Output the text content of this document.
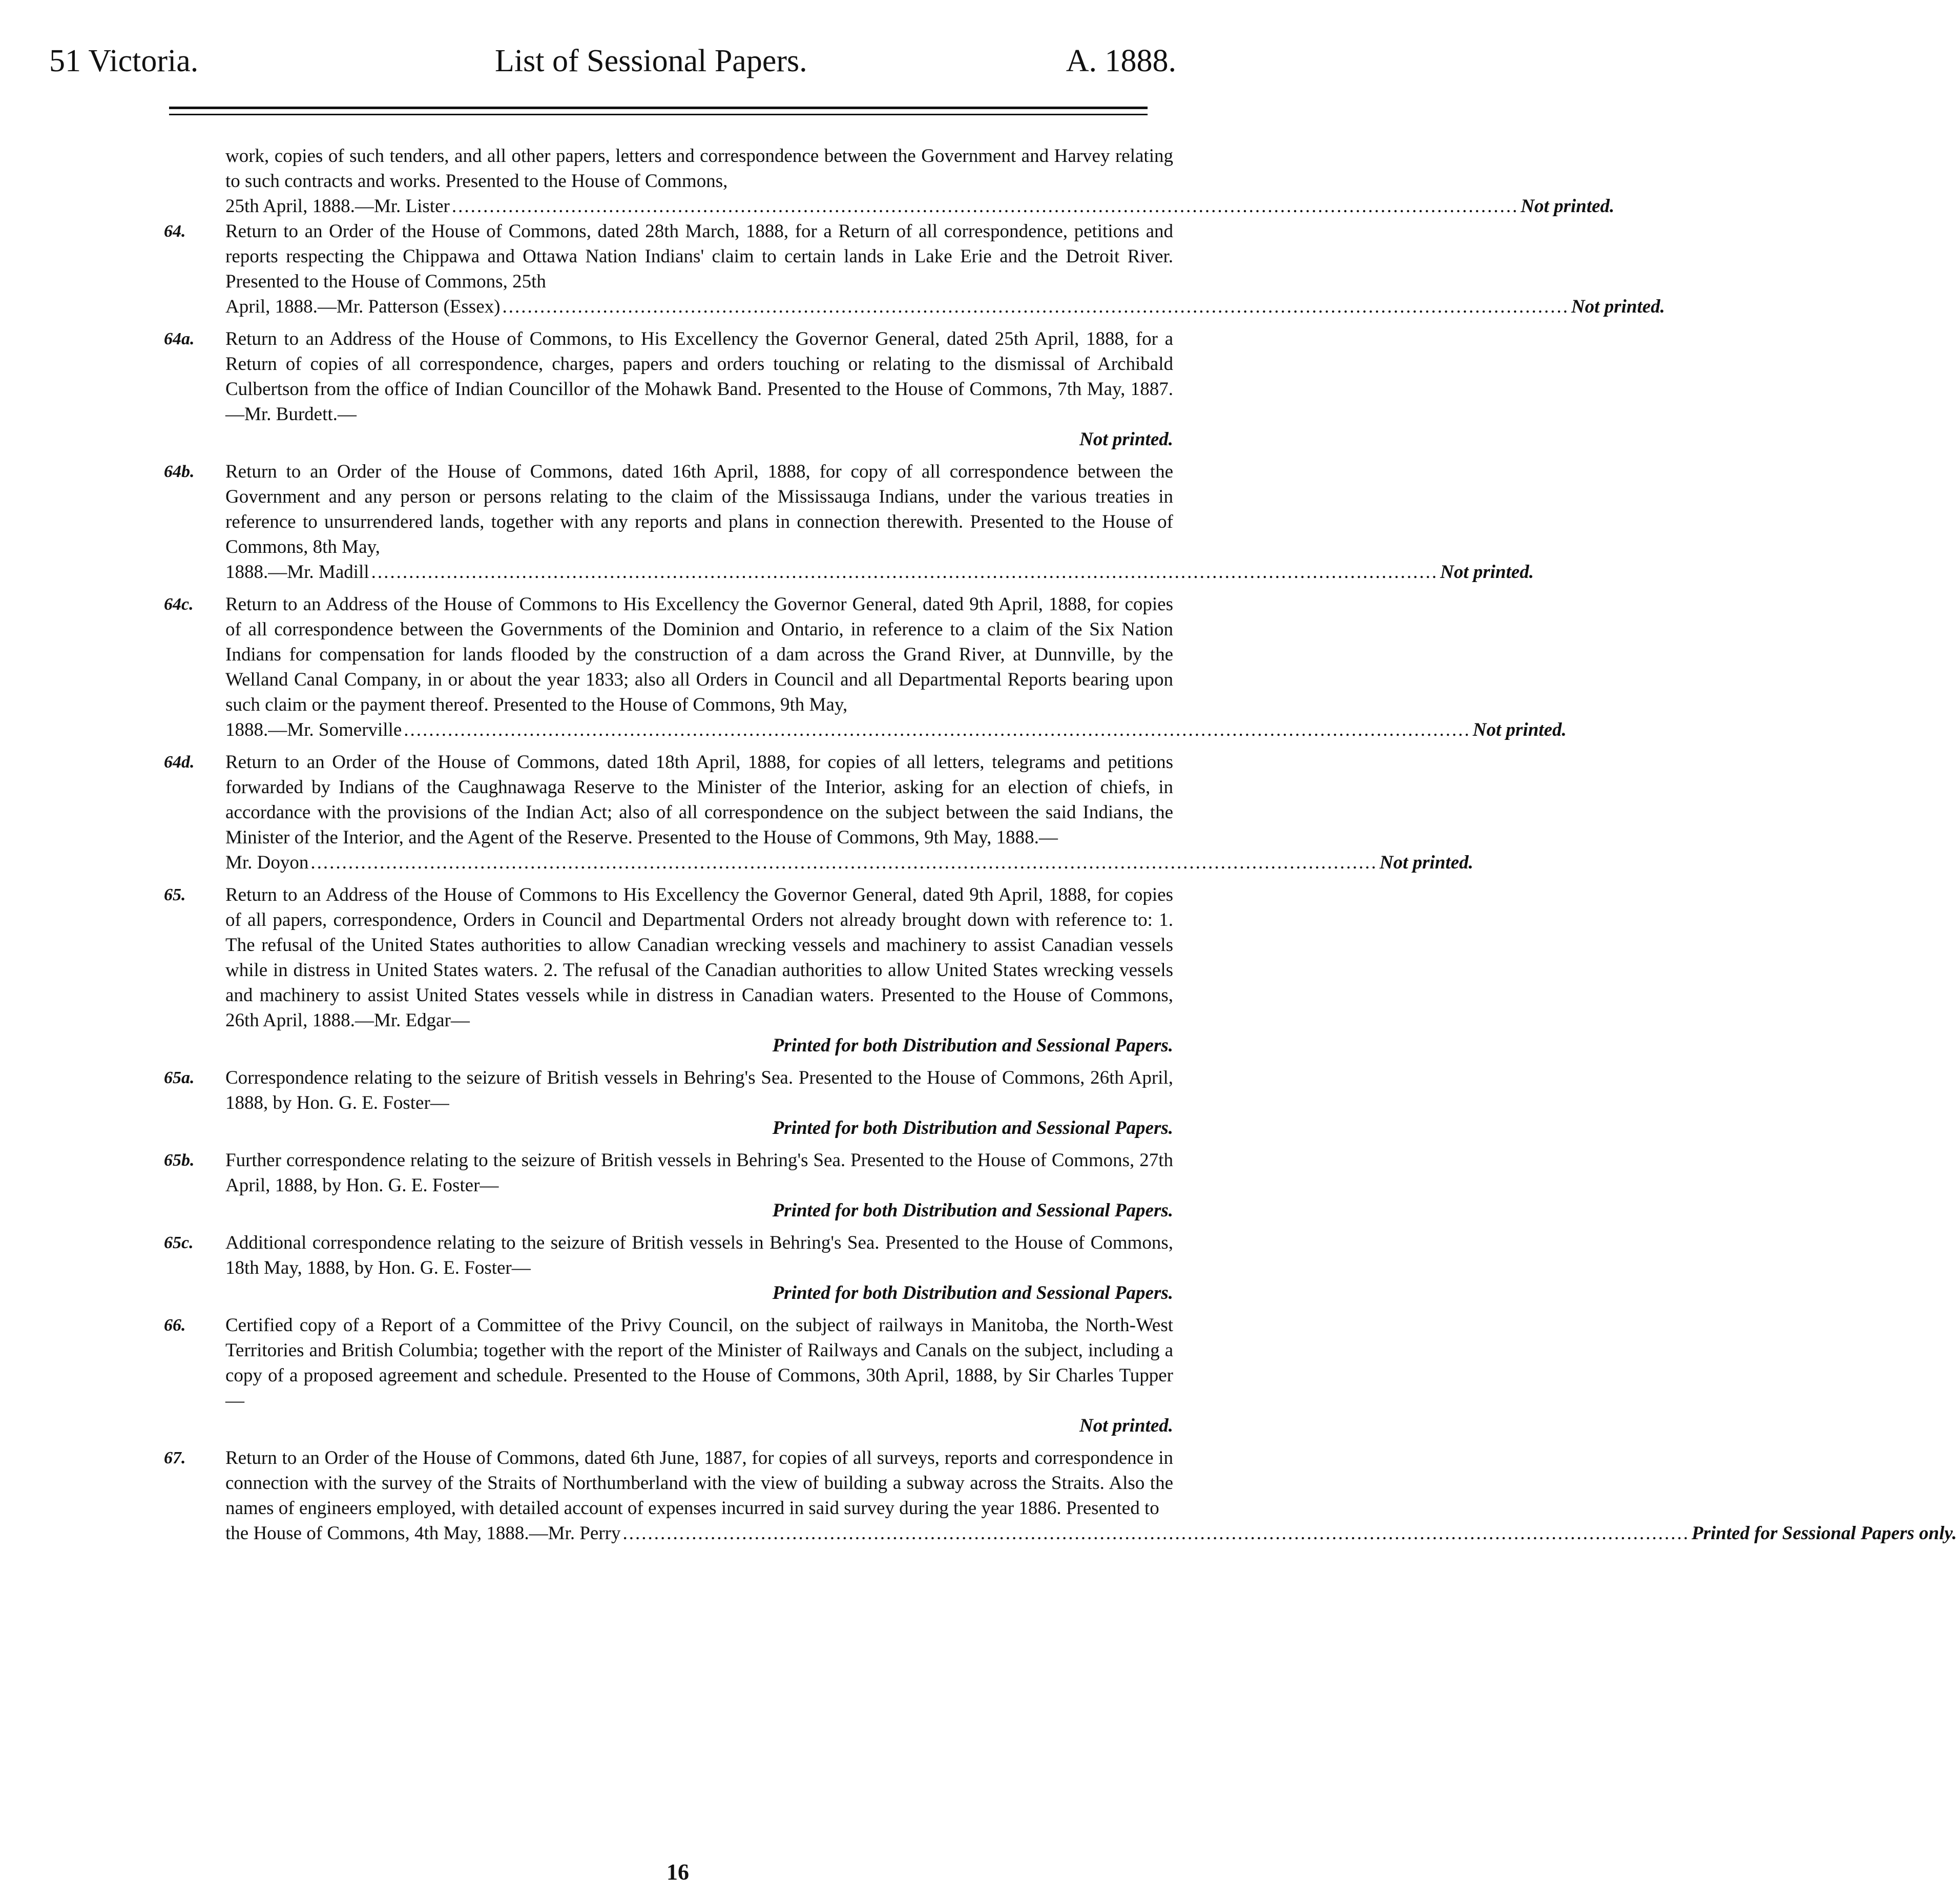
51 Victoria.	List of Sessional Papers.	A. 1888.
work, copies of such tenders, and all other papers, letters and correspondence between the Government and Harvey relating to such contracts and works. Presented to the House of Commons,
25th April, 1888.—Mr. Lister .......................................................................................................................................................................... Not printed.
64.	Return to an Order of the House of Commons, dated 28th March, 1888, for a Return of all correspondence, petitions and reports respecting the Chippawa and Ottawa Nation Indians' claim to certain lands in Lake Erie and the Detroit River. Presented to the House of Commons, 25th
April, 1888.—Mr. Patterson (Essex) .......................................................................................................................................................................... Not printed.
64a.	Return to an Address of the House of Commons, to His Excellency the Governor General, dated 25th April, 1888, for a Return of copies of all correspondence, charges, papers and orders touching or relating to the dismissal of Archibald Culbertson from the office of Indian Councillor of the Mohawk Band. Presented to the House of Commons, 7th May, 1887.—Mr. Burdett.—
Not printed.
64b.	Return to an Order of the House of Commons, dated 16th April, 1888, for copy of all correspondence between the Government and any person or persons relating to the claim of the Mississauga Indians, under the various treaties in reference to unsurrendered lands, together with any reports and plans in connection therewith. Presented to the House of Commons, 8th May,
1888.—Mr. Madill .......................................................................................................................................................................... Not printed.
64c.	Return to an Address of the House of Commons to His Excellency the Governor General, dated 9th April, 1888, for copies of all correspondence between the Governments of the Dominion and Ontario, in reference to a claim of the Six Nation Indians for compensation for lands flooded by the construction of a dam across the Grand River, at Dunnville, by the Welland Canal Company, in or about the year 1833; also all Orders in Council and all Departmental Reports bearing upon such claim or the payment thereof. Presented to the House of Commons, 9th May,
1888.—Mr. Somerville .......................................................................................................................................................................... Not printed.
64d.	Return to an Order of the House of Commons, dated 18th April, 1888, for copies of all letters, telegrams and petitions forwarded by Indians of the Caughnawaga Reserve to the Minister of the Interior, asking for an election of chiefs, in accordance with the provisions of the Indian Act; also of all correspondence on the subject between the said Indians, the Minister of the Interior, and the Agent of the Reserve. Presented to the House of Commons, 9th May, 1888.—
Mr. Doyon .......................................................................................................................................................................... Not printed.
65.	Return to an Address of the House of Commons to His Excellency the Governor General, dated 9th April, 1888, for copies of all papers, correspondence, Orders in Council and Departmental Orders not already brought down with reference to: 1. The refusal of the United States authorities to allow Canadian wrecking vessels and machinery to assist Canadian vessels while in distress in United States waters. 2. The refusal of the Canadian authorities to allow United States wrecking vessels and machinery to assist United States vessels while in distress in Canadian waters. Presented to the House of Commons, 26th April, 1888.—Mr. Edgar—
Printed for both Distribution and Sessional Papers.
65a.	Correspondence relating to the seizure of British vessels in Behring's Sea. Presented to the House of Commons, 26th April, 1888, by Hon. G. E. Foster—
Printed for both Distribution and Sessional Papers.
65b.	Further correspondence relating to the seizure of British vessels in Behring's Sea. Presented to the House of Commons, 27th April, 1888, by Hon. G. E. Foster—
Printed for both Distribution and Sessional Papers.
65c.	Additional correspondence relating to the seizure of British vessels in Behring's Sea. Presented to the House of Commons, 18th May, 1888, by Hon. G. E. Foster—
Printed for both Distribution and Sessional Papers.
66.	Certified copy of a Report of a Committee of the Privy Council, on the subject of railways in Manitoba, the North-West Territories and British Columbia; together with the report of the Minister of Railways and Canals on the subject, including a copy of a proposed agreement and schedule. Presented to the House of Commons, 30th April, 1888, by Sir Charles Tupper—
Not printed.
67.	Return to an Order of the House of Commons, dated 6th June, 1887, for copies of all surveys, reports and correspondence in connection with the survey of the Straits of Northumberland with the view of building a subway across the Straits. Also the names of engineers employed, with detailed account of expenses incurred in said survey during the year 1886. Presented to
the House of Commons, 4th May, 1888.—Mr. Perry .......................................................................................................................................................................... Printed for Sessional Papers only.
16
